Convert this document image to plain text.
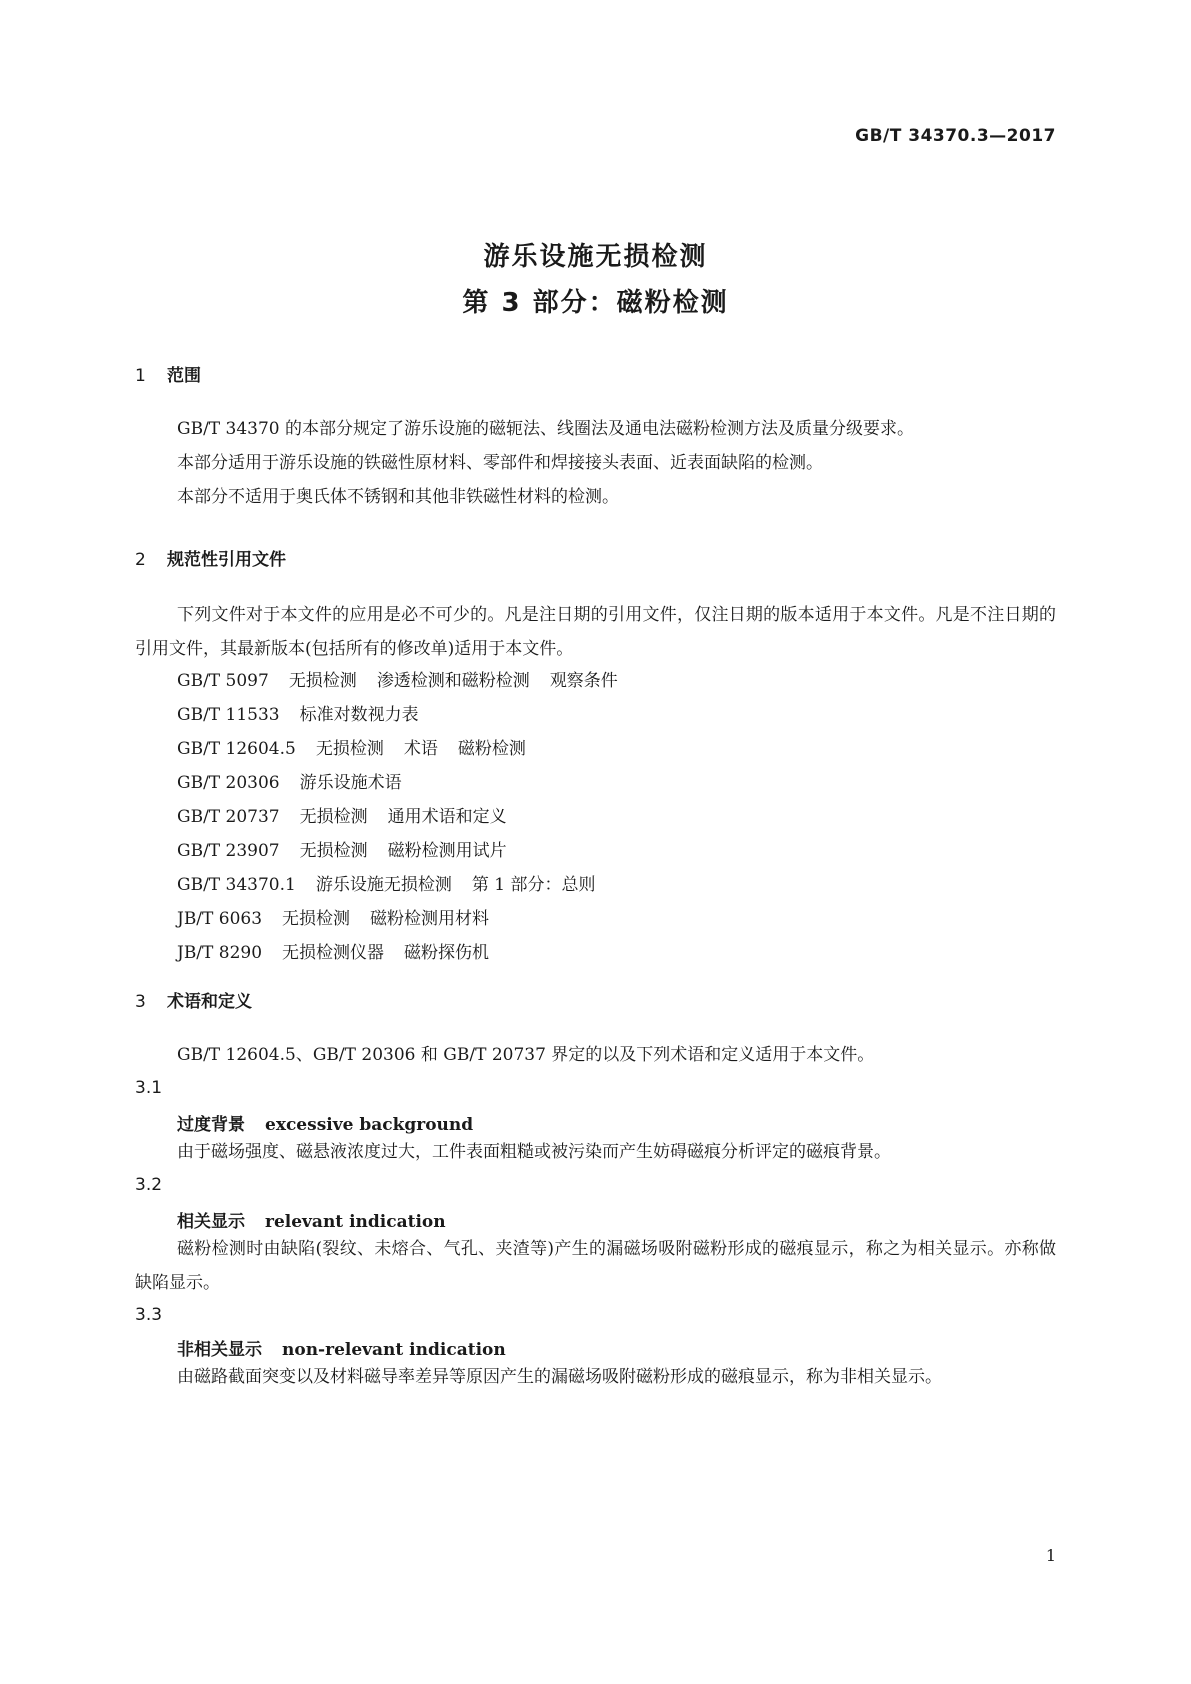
GB/T 34370.3—2017
游乐设施无损检测
第 3 部分：磁粉检测
1 范围

GB/T 34370 的本部分规定了游乐设施的磁轭法、线圈法及通电法磁粉检测方法及质量分级要求。

本部分适用于游乐设施的铁磁性原材料、零部件和焊接接头表面、近表面缺陷的检测。

本部分不适用于奥氏体不锈钢和其他非铁磁性材料的检测。

2 规范性引用文件

下列文件对于本文件的应用是必不可少的。凡是注日期的引用文件，仅注日期的版本适用于本文件。凡是不注日期的引用文件，其最新版本(包括所有的修改单)适用于本文件。

GB/T 5097 无损检测 渗透检测和磁粉检测 观察条件
GB/T 11533 标准对数视力表
GB/T 12604.5 无损检测 术语 磁粉检测
GB/T 20306 游乐设施术语
GB/T 20737 无损检测 通用术语和定义
GB/T 23907 无损检测 磁粉检测用试片
GB/T 34370.1 游乐设施无损检测 第 1 部分：总则
JB/T 6063 无损检测 磁粉检测用材料
JB/T 8290 无损检测仪器 磁粉探伤机
3 术语和定义

GB/T 12604.5、GB/T 20306 和 GB/T 20737 界定的以及下列术语和定义适用于本文件。

3.1
过度背景 excessive background

由于磁场强度、磁悬液浓度过大，工件表面粗糙或被污染而产生妨碍磁痕分析评定的磁痕背景。

3.2
相关显示 relevant indication

磁粉检测时由缺陷(裂纹、未熔合、气孔、夹渣等)产生的漏磁场吸附磁粉形成的磁痕显示，称之为相关显示。亦称做缺陷显示。

3.3
非相关显示 non-relevant indication

由磁路截面突变以及材料磁导率差异等原因产生的漏磁场吸附磁粉形成的磁痕显示，称为非相关显示。

1
